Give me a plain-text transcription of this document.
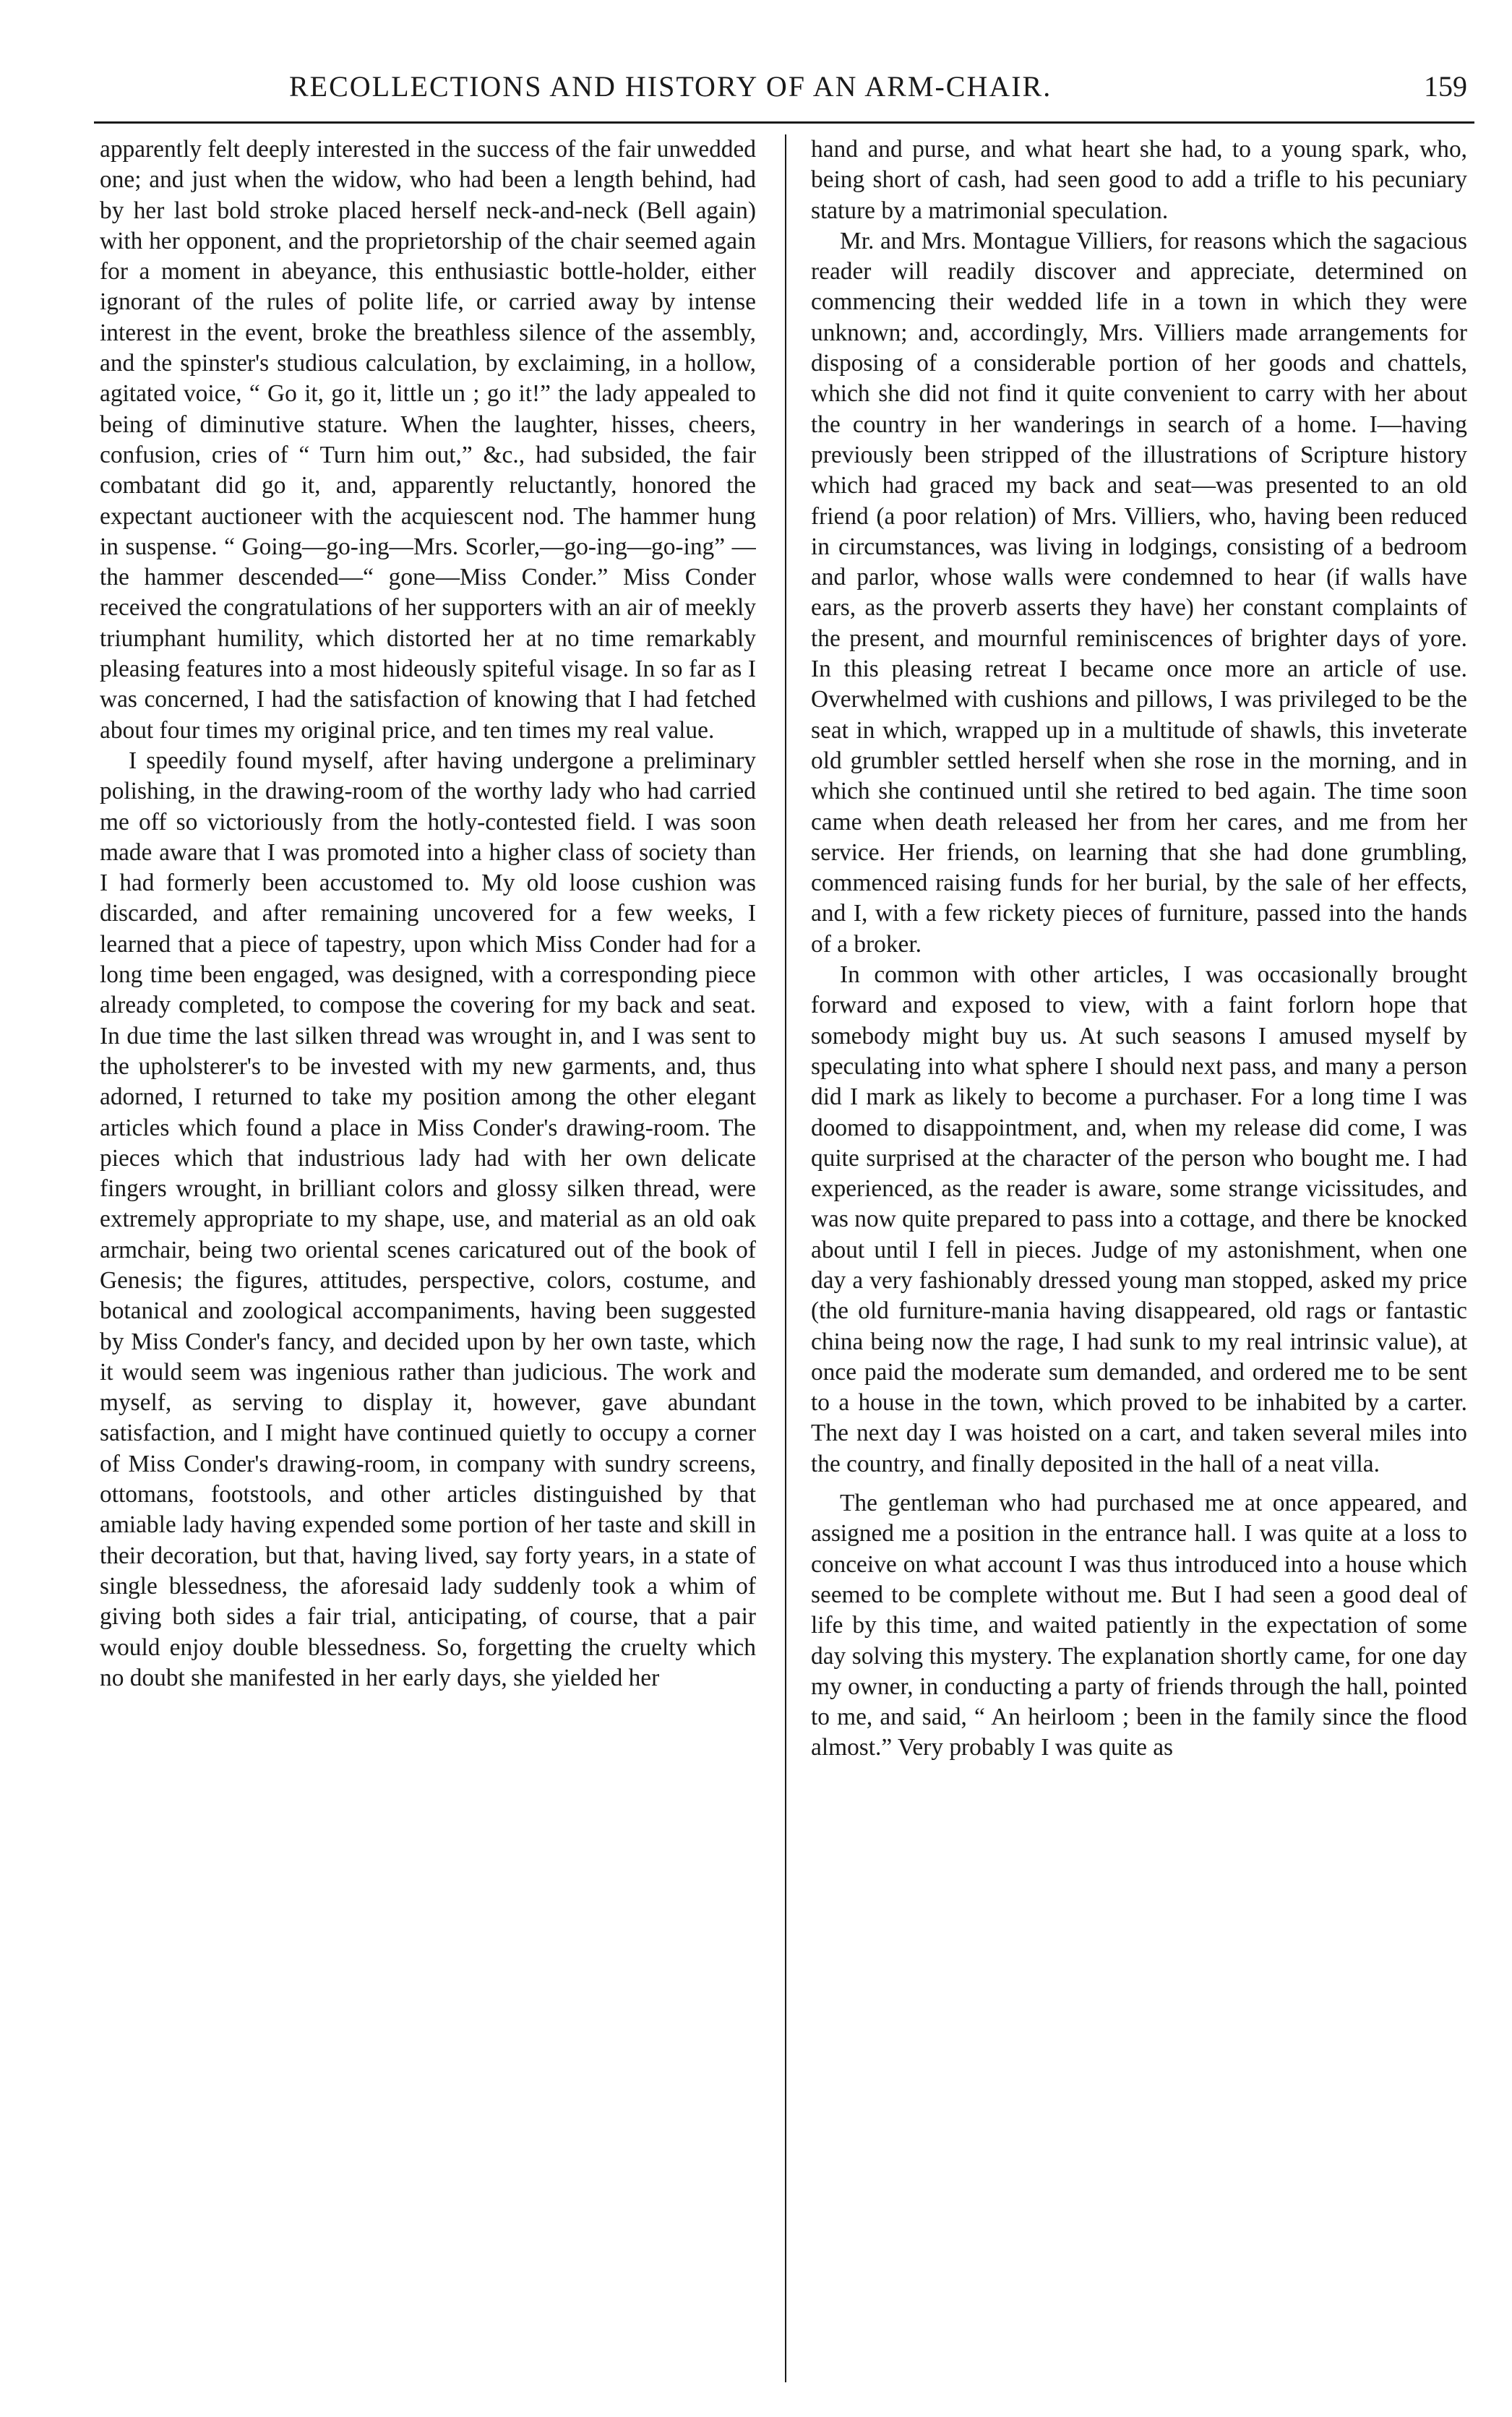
RECOLLECTIONS AND HISTORY OF AN ARM-CHAIR.	159

apparently felt deeply interested in the success of the fair unwedded one; and just when the widow, who had been a length behind, had by her last bold stroke placed herself neck-and-neck (Bell again) with her opponent, and the proprietorship of the chair seemed again for a moment in abeyance, this enthusiastic bottle-holder, either ignorant of the rules of polite life, or carried away by intense interest in the event, broke the breathless silence of the assembly, and the spinster's studious calculation, by exclaiming, in a hollow, agitated voice, “ Go it, go it, little un ; go it!” the lady appealed to being of diminutive stature. When the laughter, hisses, cheers, confusion, cries of “ Turn him out,” &c., had subsided, the fair combatant did go it, and, apparently reluctantly, honored the expectant auctioneer with the acquiescent nod. The hammer hung in suspense. “ Going—go-ing—Mrs. Scorler,—go-ing—go-ing” —the hammer descended—“ gone—Miss Conder.” Miss Conder received the congratulations of her supporters with an air of meekly triumphant humility, which distorted her at no time remarkably pleasing features into a most hideously spiteful visage. In so far as I was concerned, I had the satisfaction of knowing that I had fetched about four times my original price, and ten times my real value.

I speedily found myself, after having undergone a preliminary polishing, in the drawing-room of the worthy lady who had carried me off so victoriously from the hotly-contested field. I was soon made aware that I was promoted into a higher class of society than I had formerly been accustomed to. My old loose cushion was discarded, and after remaining uncovered for a few weeks, I learned that a piece of tapestry, upon which Miss Conder had for a long time been engaged, was designed, with a corresponding piece already completed, to compose the covering for my back and seat. In due time the last silken thread was wrought in, and I was sent to the upholsterer's to be invested with my new garments, and, thus adorned, I returned to take my position among the other elegant articles which found a place in Miss Conder's drawing-room. The pieces which that industrious lady had with her own delicate fingers wrought, in brilliant colors and glossy silken thread, were extremely appropriate to my shape, use, and material as an old oak armchair, being two oriental scenes caricatured out of the book of Genesis; the figures, attitudes, perspective, colors, costume, and botanical and zoological accompaniments, having been suggested by Miss Conder's fancy, and decided upon by her own taste, which it would seem was ingenious rather than judicious. The work and myself, as serving to display it, however, gave abundant satisfaction, and I might have continued quietly to occupy a corner of Miss Conder's drawing-room, in company with sundry screens, ottomans, footstools, and other articles distinguished by that amiable lady having expended some portion of her taste and skill in their decoration, but that, having lived, say forty years, in a state of single blessedness, the aforesaid lady suddenly took a whim of giving both sides a fair trial, anticipating, of course, that a pair would enjoy double blessedness. So, forgetting the cruelty which no doubt she manifested in her early days, she yielded her

hand and purse, and what heart she had, to a young spark, who, being short of cash, had seen good to add a trifle to his pecuniary stature by a matrimonial speculation.

Mr. and Mrs. Montague Villiers, for reasons which the sagacious reader will readily discover and appreciate, determined on commencing their wedded life in a town in which they were unknown; and, accordingly, Mrs. Villiers made arrangements for disposing of a considerable portion of her goods and chattels, which she did not find it quite convenient to carry with her about the country in her wanderings in search of a home. I—having previously been stripped of the illustrations of Scripture history which had graced my back and seat—was presented to an old friend (a poor relation) of Mrs. Villiers, who, having been reduced in circumstances, was living in lodgings, consisting of a bedroom and parlor, whose walls were condemned to hear (if walls have ears, as the proverb asserts they have) her constant complaints of the present, and mournful reminiscences of brighter days of yore. In this pleasing retreat I became once more an article of use. Overwhelmed with cushions and pillows, I was privileged to be the seat in which, wrapped up in a multitude of shawls, this inveterate old grumbler settled herself when she rose in the morning, and in which she continued until she retired to bed again. The time soon came when death released her from her cares, and me from her service. Her friends, on learning that she had done grumbling, commenced raising funds for her burial, by the sale of her effects, and I, with a few rickety pieces of furniture, passed into the hands of a broker.

In common with other articles, I was occasionally brought forward and exposed to view, with a faint forlorn hope that somebody might buy us. At such seasons I amused myself by speculating into what sphere I should next pass, and many a person did I mark as likely to become a purchaser. For a long time I was doomed to disappointment, and, when my release did come, I was quite surprised at the character of the person who bought me. I had experienced, as the reader is aware, some strange vicissitudes, and was now quite prepared to pass into a cottage, and there be knocked about until I fell in pieces. Judge of my astonishment, when one day a very fashionably dressed young man stopped, asked my price (the old furniture-mania having disappeared, old rags or fantastic china being now the rage, I had sunk to my real intrinsic value), at once paid the moderate sum demanded, and ordered me to be sent to a house in the town, which proved to be inhabited by a carter. The next day I was hoisted on a cart, and taken several miles into the country, and finally deposited in the hall of a neat villa.

The gentleman who had purchased me at once appeared, and assigned me a position in the entrance hall. I was quite at a loss to conceive on what account I was thus introduced into a house which seemed to be complete without me. But I had seen a good deal of life by this time, and waited patiently in the expectation of some day solving this mystery. The explanation shortly came, for one day my owner, in conducting a party of friends through the hall, pointed to me, and said, “ An heirloom ; been in the family since the flood almost.” Very probably I was quite as
